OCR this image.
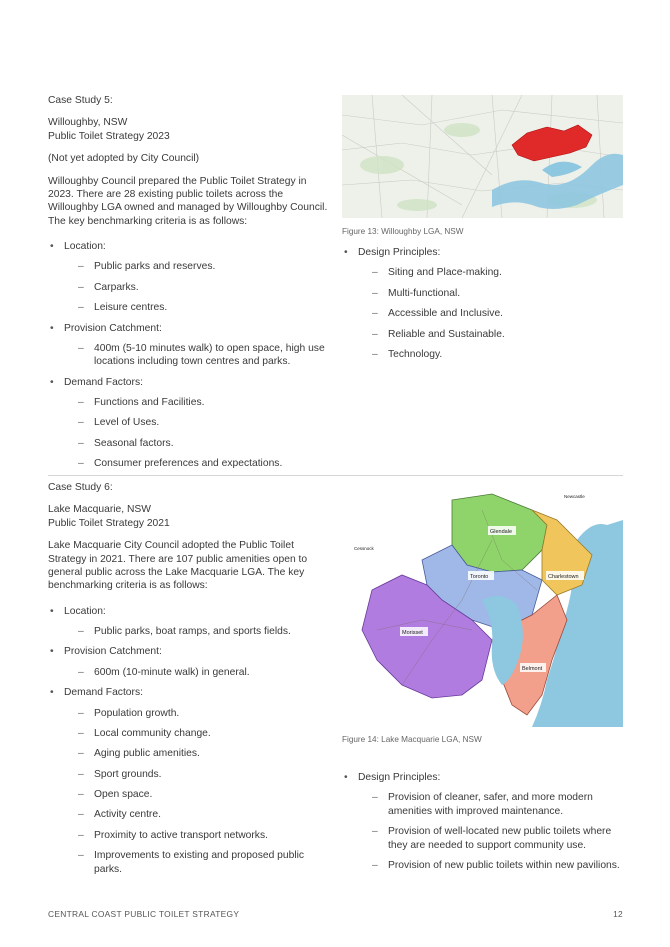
Case Study 5:

Willoughby, NSW

Public Toilet Strategy 2023

(Not yet adopted by City Council)

Willoughby Council prepared the Public Toilet Strategy in 2023. There are 28 existing public toilets across the Willoughby LGA owned and managed by Willoughby Council. The key benchmarking criteria is as follows:

• Location:
– Public parks and reserves.
– Carparks.
– Leisure centres.
• Provision Catchment:
– 400m (5-10 minutes walk) to open space, high use locations including town centres and parks.
• Demand Factors:
– Functions and Facilities.
– Level of Uses.
– Seasonal factors.
– Consumer preferences and expectations.

Figure 13: Willoughby LGA, NSW

• Design Principles:
– Siting and Place-making.
– Multi-functional.
– Accessible and Inclusive.
– Reliable and Sustainable.
– Technology.

Case Study 6:

Lake Macquarie, NSW

Public Toilet Strategy 2021

Lake Macquarie City Council adopted the Public Toilet Strategy in 2021. There are 107 public amenities open to general public across the Lake Macquarie LGA. The key benchmarking criteria is as follows:

• Location:
– Public parks, boat ramps, and sports fields.
• Provision Catchment:
– 600m (10-minute walk) in general.
• Demand Factors:
– Population growth.
– Local community change.
– Aging public amenities.
– Sport grounds.
– Open space.
– Activity centre.
– Proximity to active transport networks.
– Improvements to existing and proposed public parks.
Glendale
Toronto	Charlestown
Morisset
Belmont
Newcastle
Cessnock

Figure 14: Lake Macquarie LGA, NSW

• Design Principles:
– Provision of cleaner, safer, and more modern amenities with improved maintenance.
– Provision of well-located new public toilets where they are needed to support community use.
– Provision of new public toilets within new pavilions.
CENTRAL COAST PUBLIC TOILET STRATEGY	12
